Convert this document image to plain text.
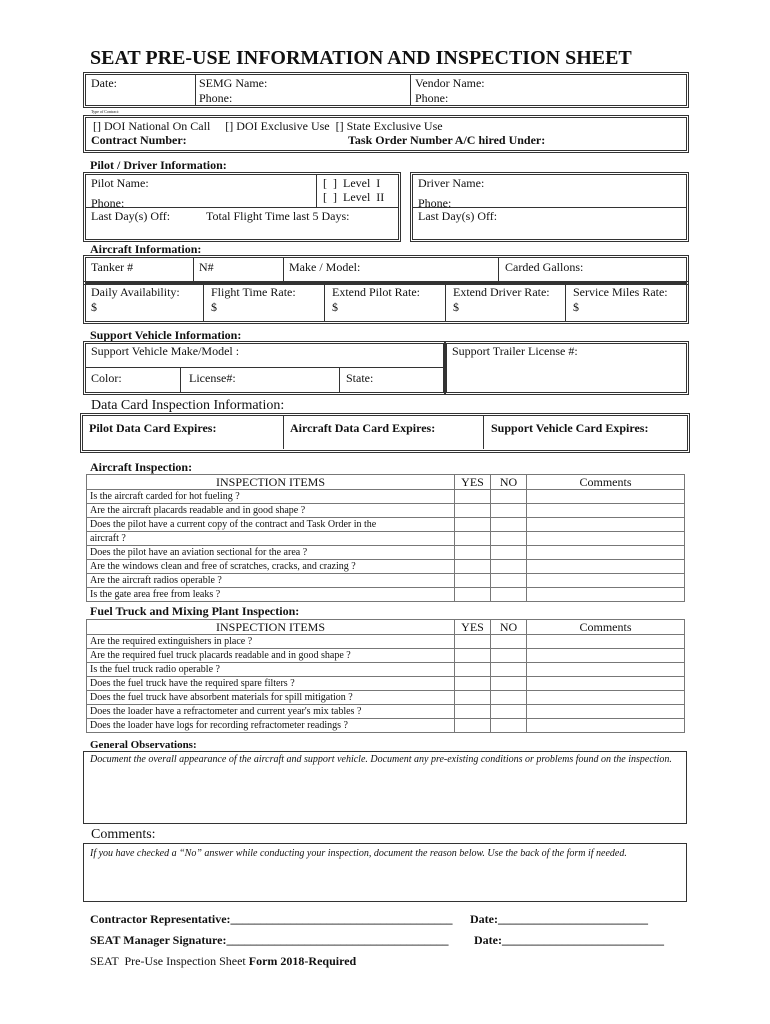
SEAT PRE-USE INFORMATION AND INSPECTION SHEET
Date:	SEMG Name:
Phone:
Vendor Name:
Phone:
Type of Contract:
[] DOI National On Call     [] DOI Exclusive Use  [] State Exclusive Use
Contract Number:	Task Order Number A/C hired Under:
Pilot / Driver Information:
Pilot Name:
Phone:
[  ]  Level  I
[  ]  Level  II
Last Day(s) Off:	Total Flight Time last 5 Days:
Driver Name:
Phone:
Last Day(s) Off:
Aircraft Information:
Tanker #	N#	Make / Model:	Carded Gallons:
Daily Availability:
$
Flight Time Rate:
$
Extend Pilot Rate:
$
Extend Driver Rate:
$
Service Miles Rate:
$
Support Vehicle Information:
Support Vehicle Make/Model :
Color:	License#:	State:
Support Trailer License #:
Data Card Inspection Information:
Pilot Data Card Expires:	Aircraft Data Card Expires:	Support Vehicle Card Expires:
Aircraft Inspection:
INSPECTION ITEMS	YES	NO	Comments
Is the aircraft carded for hot fueling ?			
Are the aircraft placards readable and in good shape ?			
Does the pilot have a current copy of the contract and Task Order in the			
aircraft ?			
Does the pilot have an aviation sectional for the area ?			
Are the windows clean and free of scratches, cracks, and crazing ?			
Are the aircraft radios operable ?			
Is the gate area free from leaks ?			
Fuel Truck and Mixing Plant Inspection:
INSPECTION ITEMS	YES	NO	Comments
Are the required extinguishers in place ?			
Are the required fuel truck placards readable and in good shape ?			
Is the fuel truck radio operable ?			
Does the fuel truck have the required spare filters ?			
Does the fuel truck have absorbent materials for spill mitigation ?			
Does the loader have a refractometer and current year's mix tables ?			
Does the loader have logs for recording refractometer readings ?			
General Observations:
Document the overall appearance of the aircraft and support vehicle. Document any pre-existing conditions or problems found on the inspection.
Comments:
If you have checked a “No” answer while conducting your inspection, document the reason below. Use the back of the form if needed.
Contractor Representative:_____________________________________ Date:_________________________
SEAT Manager Signature:_____________________________________ Date:___________________________
SEAT  Pre-Use Inspection Sheet Form 2018-Required
